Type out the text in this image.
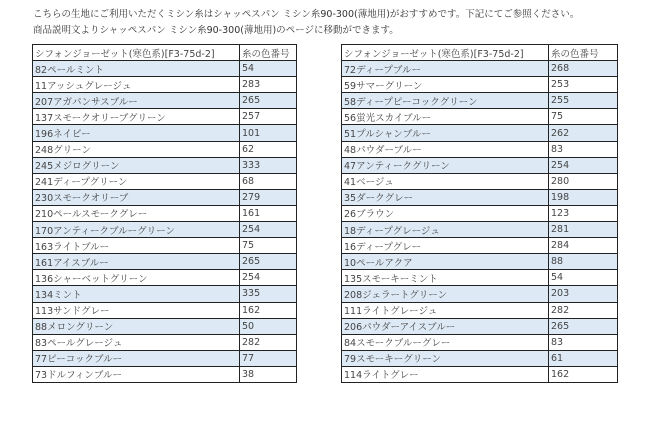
こちらの生地にご利用いただくミシン糸はシャッペスパン ミシン糸90-300(薄地用)がおすすめです。下記にてご参照ください。
商品説明文よりシャッペスパン ミシン糸90-300(薄地用)のページに移動ができます。
シフォンジョーゼット(寒色系)[F3-75d-2]	糸の色番号
82ペールミント	54
11アッシュグレージュ	283
207アガパンサスブルー	265
137スモークオリーブグリーン	257
196ネイビー	101
248グリーン	62
245メジログリーン	333
241ディープグリーン	68
230スモークオリーブ	279
210ペールスモークグレー	161
170アンティークブルーグリーン	254
163ライトブルー	75
161アイスブルー	265
136シャーベットグリーン	254
134ミント	335
113サンドグレー	162
88メロングリーン	50
83ペールグレージュ	282
77ピーコックブルー	77
73ドルフィンブルー	38
シフォンジョーゼット(寒色系)[F3-75d-2]	糸の色番号
72ディープブルー	268
59サマーグリーン	253
58ディープピーコックグリーン	255
56蛍光スカイブルー	75
51プルシャンブルー	262
48パウダーブルー	83
47アンティークグリーン	254
41ベージュ	280
35ダークグレー	198
26ブラウン	123
18ディープグレージュ	281
16ディープグレー	284
10ペールアクア	88
135スモーキーミント	54
208ジェラートグリーン	203
111ライトグレージュ	282
206パウダーアイスブルー	265
84スモークブルーグレー	83
79スモーキーグリーン	61
114ライトグレー	162
